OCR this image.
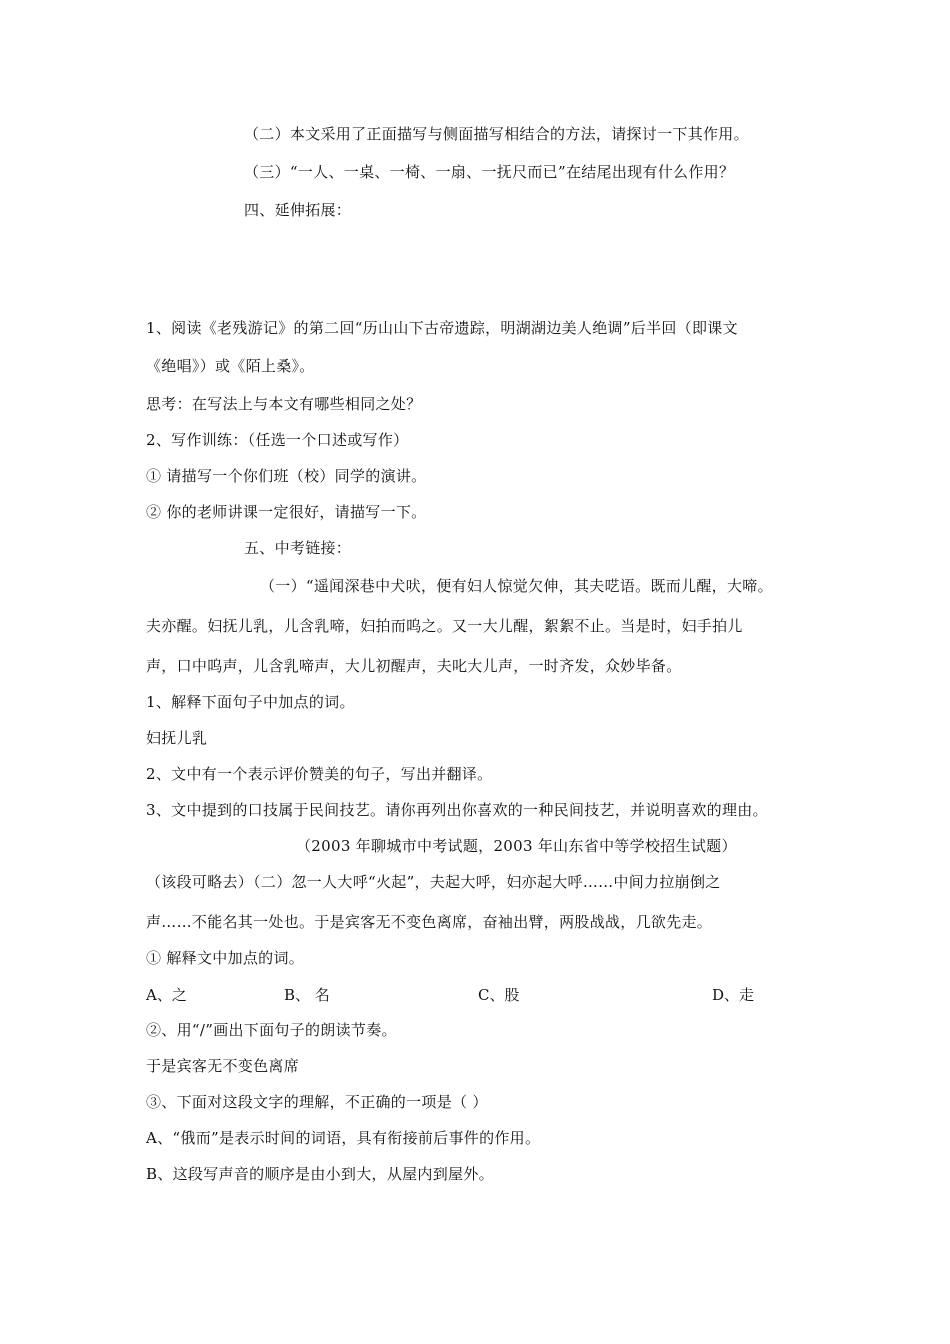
（二）本文采用了正面描写与侧面描写相结合的方法，请探讨一下其作用。
（三）“一人、一桌、一椅、一扇、一抚尺而已”在结尾出现有什么作用？
四、延伸拓展：
1、阅读《老残游记》的第二回“历山山下古帝遗踪，明湖湖边美人绝调”后半回（即课文
《绝唱》）或《陌上桑》。
思考：在写法上与本文有哪些相同之处？
2、写作训练：（任选一个口述或写作）
① 请描写一个你们班（校）同学的演讲。
② 你的老师讲课一定很好，请描写一下。
五、中考链接：
（一）“遥闻深巷中犬吠，便有妇人惊觉欠伸，其夫呓语。既而儿醒，大啼。
夫亦醒。妇抚儿乳，儿含乳啼，妇拍而呜之。又一大儿醒，絮絮不止。当是时，妇手拍儿
声，口中呜声，儿含乳啼声，大儿初醒声，夫叱大儿声，一时齐发，众妙毕备。
1、解释下面句子中加点的词。
妇抚儿乳
2、文中有一个表示评价赞美的句子，写出并翻译。
3、文中提到的口技属于民间技艺。请你再列出你喜欢的一种民间技艺，并说明喜欢的理由。
（2003 年聊城市中考试题，2003 年山东省中等学校招生试题）
（该段可略去）（二）忽一人大呼“火起”，夫起大呼，妇亦起大呼……中间力拉崩倒之
声……不能名其一处也。于是宾客无不变色离席，奋袖出臂，两股战战，几欲先走。
① 解释文中加点的词。
A、之	B、 名	C、股	D、走
②、用“/”画出下面句子的朗读节奏。
于是宾客无不变色离席
③、下面对这段文字的理解，不正确的一项是（ ）
A、“俄而”是表示时间的词语，具有衔接前后事件的作用。
B、这段写声音的顺序是由小到大，从屋内到屋外。
